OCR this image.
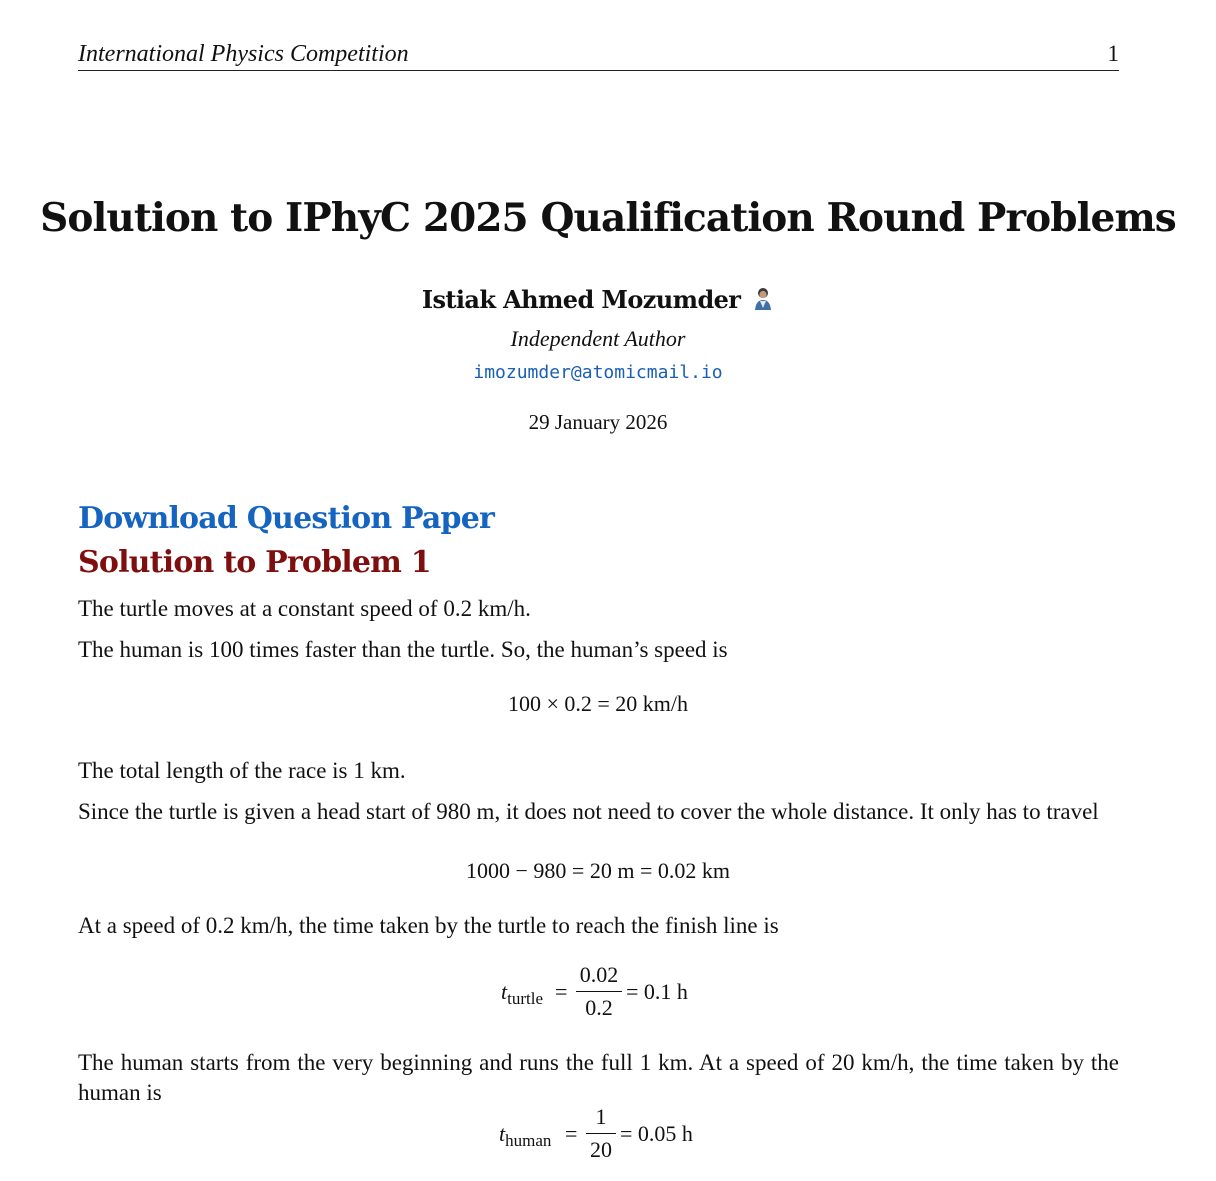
International Physics Competition	1
Solution to IPhyC 2025 Qualification Round Problems
Istiak Ahmed Mozumder
Independent Author
imozumder@atomicmail.io
29 January 2026
Download Question Paper
Solution to Problem 1
The turtle moves at a constant speed of 0.2 km/h.
The human is 100 times faster than the turtle. So, the human’s speed is
100 × 0.2 = 20 km/h
The total length of the race is 1 km.
Since the turtle is given a head start of 980 m, it does not need to cover the whole distance. It only has to travel
1000 − 980 = 20 m = 0.02 km
At a speed of 0.2 km/h, the time taken by the turtle to reach the finish line is
$t_{turtle}$ =
0.02
0.2
= 0.1 h
The human starts from the very beginning and runs the full 1 km. At a speed of 20 km/h, the time taken by the human is
$t_{human}$ =
1
20
= 0.05 h
